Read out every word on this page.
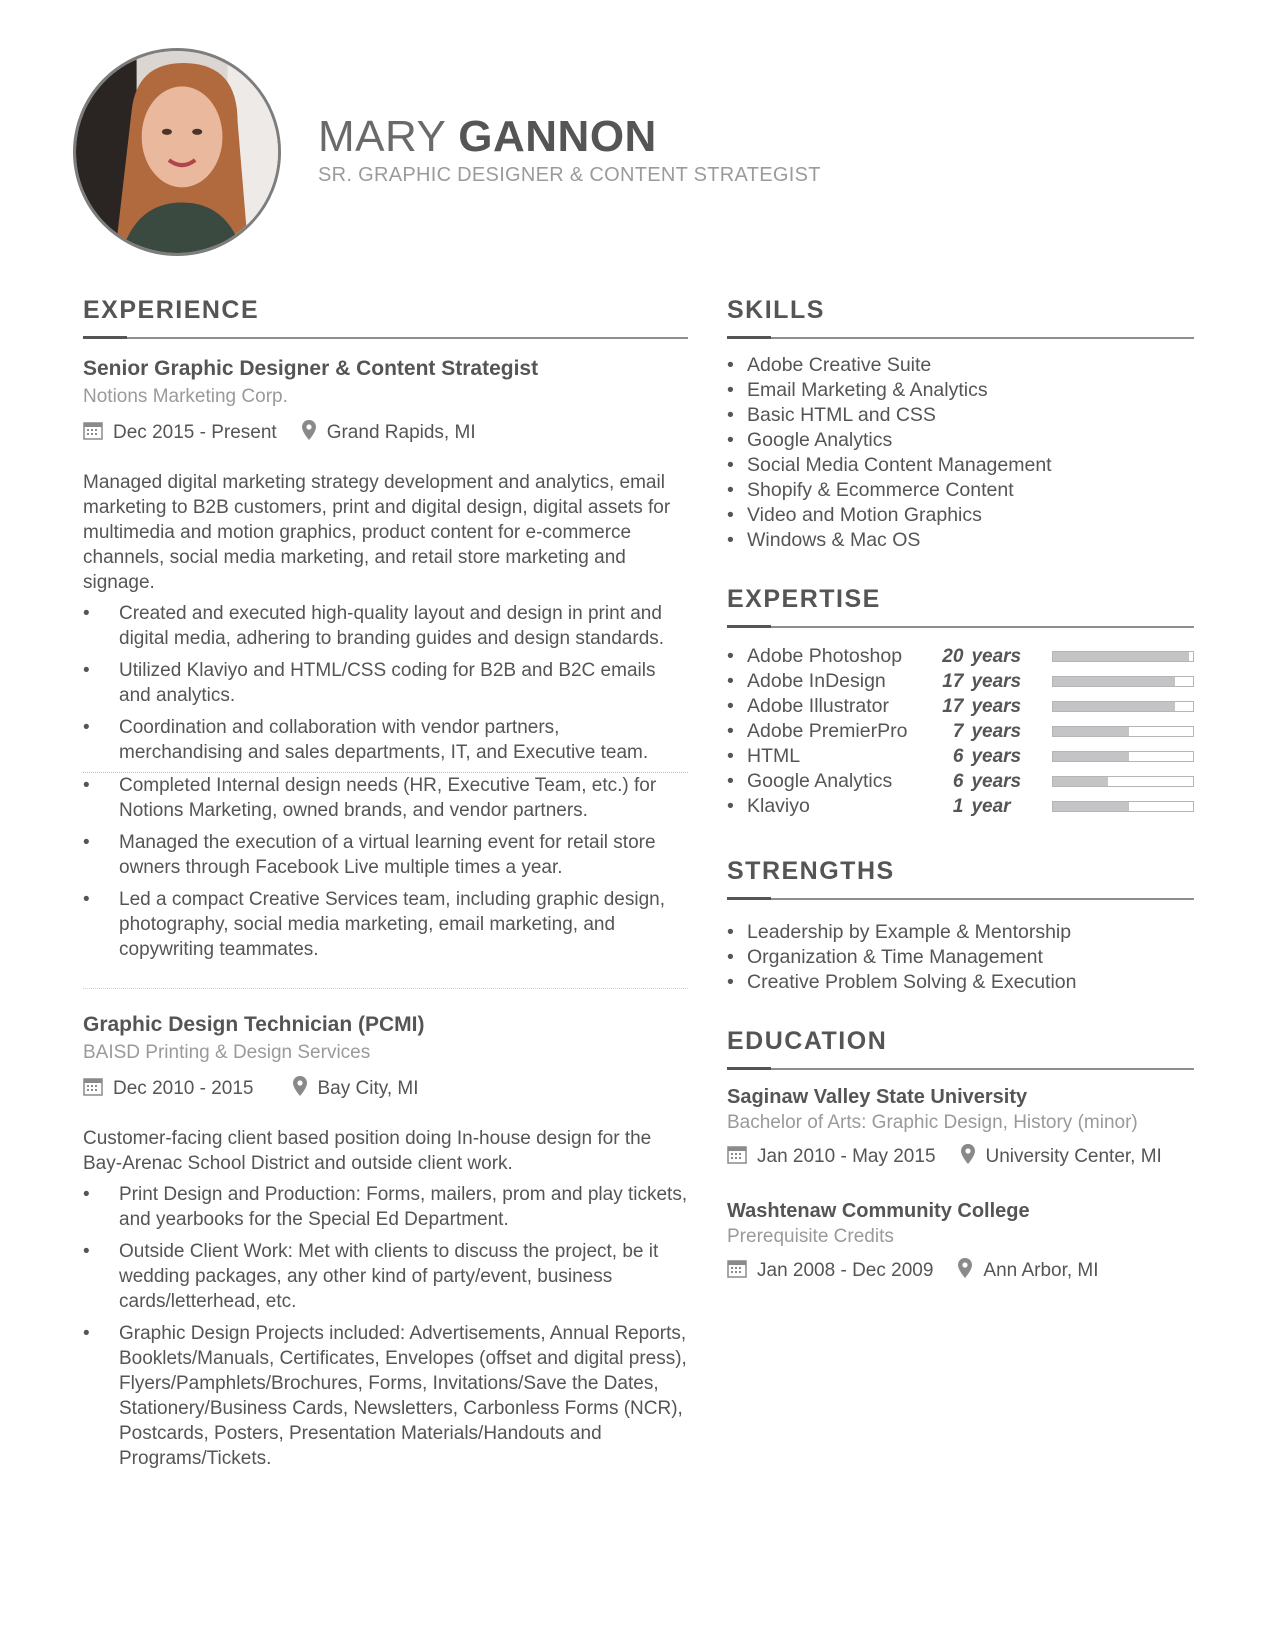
MARY GANNON
SR. GRAPHIC DESIGNER & CONTENT STRATEGIST
EXPERIENCE
Senior Graphic Designer & Content Strategist
Notions Marketing Corp.
Dec 2015 - Present	Grand Rapids, MI
Managed digital marketing strategy development and analytics, email marketing to B2B customers, print and digital design, digital assets for multimedia and motion graphics, product content for e-commerce channels, social media marketing, and retail store marketing and signage.
• Created and executed high-quality layout and design in print and digital media, adhering to branding guides and design standards.
• Utilized Klaviyo and HTML/CSS coding for B2B and B2C emails and analytics.
• Coordination and collaboration with vendor partners, merchandising and sales departments, IT, and Executive team.
• Completed Internal design needs (HR, Executive Team, etc.) for Notions Marketing, owned brands, and vendor partners.
• Managed the execution of a virtual learning event for retail store owners through Facebook Live multiple times a year.
• Led a compact Creative Services team, including graphic design, photography, social media marketing, email marketing, and copywriting teammates.
Graphic Design Technician (PCMI)
BAISD Printing & Design Services
Dec 2010 - 2015	Bay City, MI
Customer-facing client based position doing In-house design for the Bay-Arenac School District and outside client work.
• Print Design and Production: Forms, mailers, prom and play tickets, and yearbooks for the Special Ed Department.
• Outside Client Work: Met with clients to discuss the project, be it wedding packages, any other kind of party/event, business cards/letterhead, etc.
• Graphic Design Projects included: Advertisements, Annual Reports, Booklets/Manuals, Certificates, Envelopes (offset and digital press), Flyers/Pamphlets/Brochures, Forms, Invitations/Save the Dates, Stationery/Business Cards, Newsletters, Carbonless Forms (NCR), Postcards, Posters, Presentation Materials/Handouts and Programs/Tickets.
SKILLS
• Adobe Creative Suite
• Email Marketing & Analytics
• Basic HTML and CSS
• Google Analytics
• Social Media Content Management
• Shopify & Ecommerce Content
• Video and Motion Graphics
• Windows & Mac OS
EXPERTISE
• Adobe Photoshop	20 years
• Adobe InDesign	17 years
• Adobe Illustrator	17 years
• Adobe PremierPro	7 years
• HTML	6 years
• Google Analytics	6 years
• Klaviyo	1 year
STRENGTHS
• Leadership by Example & Mentorship
• Organization & Time Management
• Creative Problem Solving & Execution
EDUCATION
Saginaw Valley State University
Bachelor of Arts: Graphic Design, History (minor)
Jan 2010 - May 2015	University Center, MI
Washtenaw Community College
Prerequisite Credits
Jan 2008 - Dec 2009	Ann Arbor, MI
